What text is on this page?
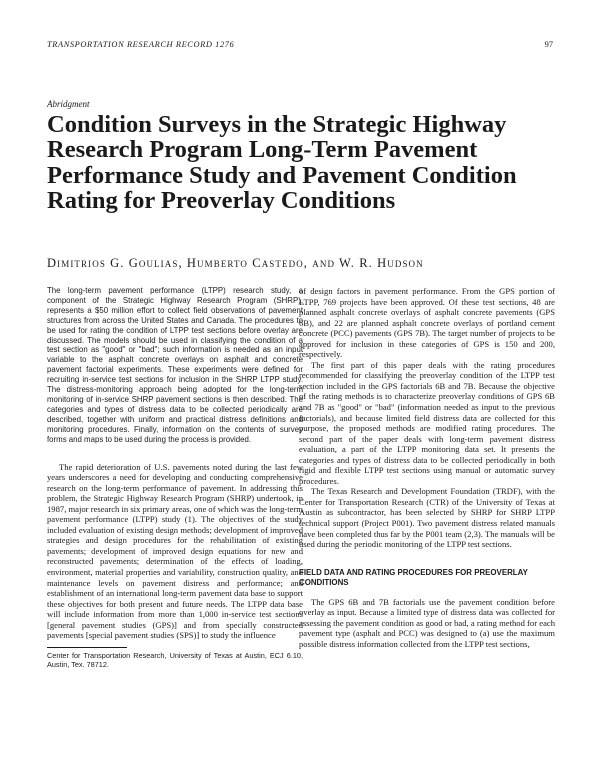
TRANSPORTATION RESEARCH RECORD 1276	97
Abridgment
Condition Surveys in the Strategic Highway Research Program Long-Term Pavement Performance Study and Pavement Condition Rating for Preoverlay Conditions
Dimitrios G. Goulias, Humberto Castedo, and W. R. Hudson

The long-term pavement performance (LTPP) research study, a component of the Strategic Highway Research Program (SHRP), represents a $50 million effort to collect field observations of pavement structures from across the United States and Canada. The procedures to be used for rating the condition of LTPP test sections before overlay are discussed. The models should be used in classifying the condition of a test section as "good" or "bad"; such information is needed as an input variable to the asphalt concrete overlays on asphalt and concrete pavement factorial experiments. These experiments were defined for recruiting in-service test sections for inclusion in the SHRP LTPP study. The distress-monitoring approach being adopted for the long-term monitoring of in-service SHRP pavement sections is then described. The categories and types of distress data to be collected periodically are described, together with uniform and practical distress definitions and monitoring procedures. Finally, information on the contents of survey forms and maps to be used during the process is provided.

The rapid deterioration of U.S. pavements noted during the last few years underscores a need for developing and conducting comprehensive research on the long-term performance of pavement. In addressing this problem, the Strategic Highway Research Program (SHRP) undertook, in 1987, major research in six primary areas, one of which was the long-term pavement performance (LTPP) study (1). The objectives of the study included evaluation of existing design methods; development of improved strategies and design procedures for the rehabilitation of existing pavements; development of improved design equations for new and reconstructed pavements; determination of the effects of loading, environment, material properties and variability, construction quality, and maintenance levels on pavement distress and performance; and establishment of an international long-term pavement data base to support these objectives for both present and future needs. The LTPP data base will include information from more than 1,000 in-service test sections [general pavement studies (GPS)] and from specially constructed pavements [special pavement studies (SPS)] to study the influence

Center for Transportation Research, University of Texas at Austin, ECJ 6.10, Austin, Tex. 78712.

of design factors in pavement performance. From the GPS portion of LTPP, 769 projects have been approved. Of these test sections, 48 are planned asphalt concrete overlays of asphalt concrete pavements (GPS 6B), and 22 are planned asphalt concrete overlays of portland cement concrete (PCC) pavements (GPS 7B). The target number of projects to be approved for inclusion in these categories of GPS is 150 and 200, respectively.

The first part of this paper deals with the rating procedures recommended for classifying the preoverlay condition of the LTPP test section included in the GPS factorials 6B and 7B. Because the objective of the rating methods is to characterize preoverlay conditions of GPS 6B and 7B as "good" or "bad" (information needed as input to the previous factorials), and because limited field distress data are collected for this purpose, the proposed methods are modified rating procedures. The second part of the paper deals with long-term pavement distress evaluation, a part of the LTPP monitoring data set. It presents the categories and types of distress data to be collected periodically in both rigid and flexible LTPP test sections using manual or automatic survey procedures.

The Texas Research and Development Foundation (TRDF), with the Center for Transportation Research (CTR) of the University of Texas at Austin as subcontractor, has been selected by SHRP for SHRP LTPP technical support (Project P001). Two pavement distress related manuals have been completed thus far by the P001 team (2,3). The manuals will be used during the periodic monitoring of the LTPP test sections.

FIELD DATA AND RATING PROCEDURES FOR PREOVERLAY CONDITIONS

The GPS 6B and 7B factorials use the pavement condition before overlay as input. Because a limited type of distress data was collected for assessing the pavement condition as good or bad, a rating method for each pavement type (asphalt and PCC) was designed to (a) use the maximum possible distress information collected from the LTPP test sections,
